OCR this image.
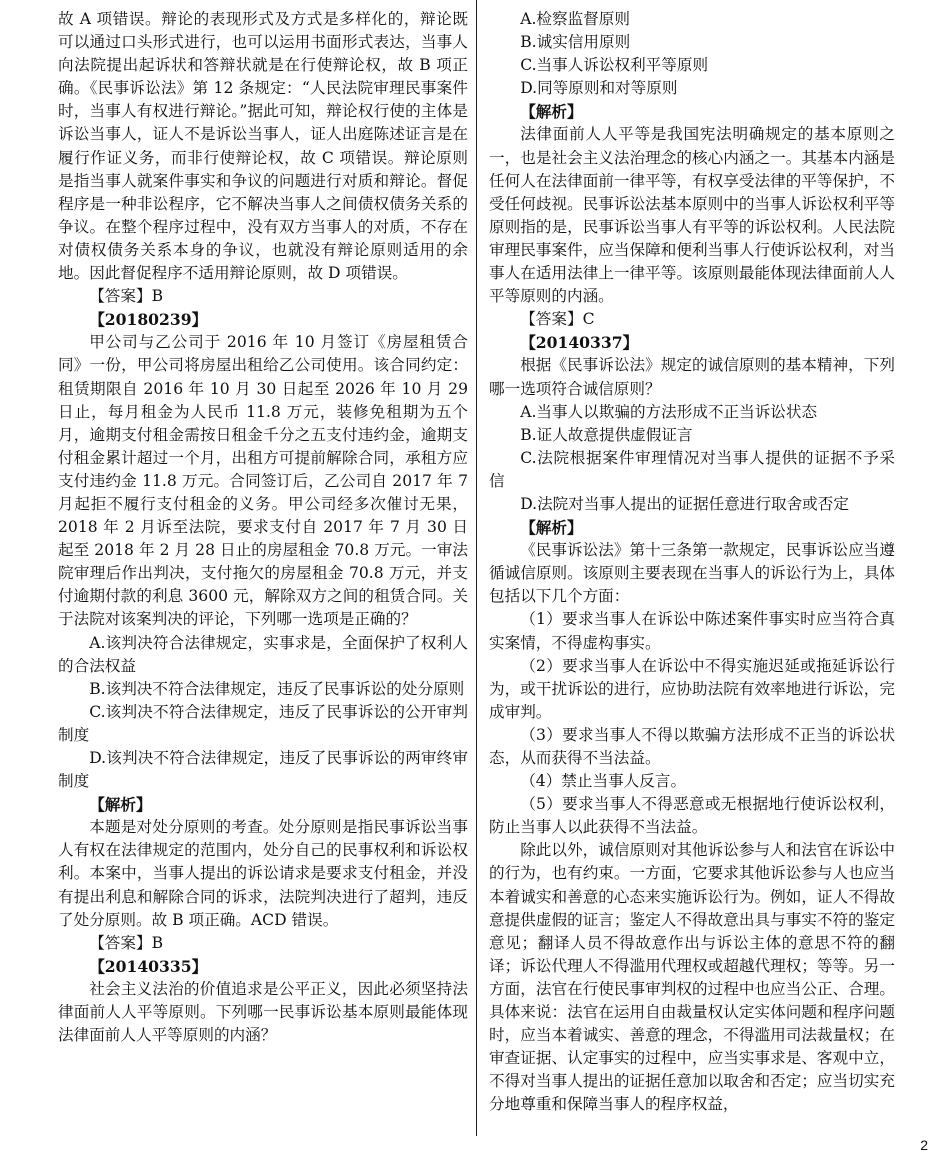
故 A 项错误。辩论的表现形式及方式是多样化的，辩论既可以通过口头形式进行，也可以运用书面形式表达，当事人向法院提出起诉状和答辩状就是在行使辩论权，故 B 项正确。《民事诉讼法》第 12 条规定：“人民法院审理民事案件时，当事人有权进行辩论。”据此可知，辩论权行使的主体是诉讼当事人，证人不是诉讼当事人，证人出庭陈述证言是在履行作证义务，而非行使辩论权，故 C 项错误。辩论原则是指当事人就案件事实和争议的问题进行对质和辩论。督促程序是一种非讼程序，它不解决当事人之间债权债务关系的争议。在整个程序过程中，没有双方当事人的对质，不存在对债权债务关系本身的争议，也就没有辩论原则适用的余地。因此督促程序不适用辩论原则，故 D 项错误。

【答案】B

【20180239】

甲公司与乙公司于 2016 年 10 月签订《房屋租赁合同》一份，甲公司将房屋出租给乙公司使用。该合同约定：租赁期限自 2016 年 10 月 30 日起至 2026 年 10 月 29 日止，每月租金为人民币 11.8 万元，装修免租期为五个月，逾期支付租金需按日租金千分之五支付违约金，逾期支付租金累计超过一个月，出租方可提前解除合同，承租方应支付违约金 11.8 万元。合同签订后，乙公司自 2017 年 7 月起拒不履行支付租金的义务。甲公司经多次催讨无果，2018 年 2 月诉至法院，要求支付自 2017 年 7 月 30 日起至 2018 年 2 月 28 日止的房屋租金 70.8 万元。一审法院审理后作出判决，支付拖欠的房屋租金 70.8 万元，并支付逾期付款的利息 3600 元，解除双方之间的租赁合同。关于法院对该案判决的评论，下列哪一选项是正确的？

A.该判决符合法律规定，实事求是，全面保护了权利人的合法权益

B.该判决不符合法律规定，违反了民事诉讼的处分原则

C.该判决不符合法律规定，违反了民事诉讼的公开审判制度

D.该判决不符合法律规定，违反了民事诉讼的两审终审制度

【解析】

本题是对处分原则的考查。处分原则是指民事诉讼当事人有权在法律规定的范围内，处分自己的民事权利和诉讼权利。本案中，当事人提出的诉讼请求是要求支付租金，并没有提出利息和解除合同的诉求，法院判决进行了超判，违反了处分原则。故 B 项正确。ACD 错误。

【答案】B

【20140335】

社会主义法治的价值追求是公平正义，因此必须坚持法律面前人人平等原则。下列哪一民事诉讼基本原则最能体现法律面前人人平等原则的内涵？

A.检察监督原则

B.诚实信用原则

C.当事人诉讼权利平等原则

D.同等原则和对等原则

【解析】

法律面前人人平等是我国宪法明确规定的基本原则之一，也是社会主义法治理念的核心内涵之一。其基本内涵是任何人在法律面前一律平等，有权享受法律的平等保护，不受任何歧视。民事诉讼法基本原则中的当事人诉讼权利平等原则指的是，民事诉讼当事人有平等的诉讼权利。人民法院审理民事案件，应当保障和便利当事人行使诉讼权利，对当事人在适用法律上一律平等。该原则最能体现法律面前人人平等原则的内涵。

【答案】C

【20140337】

根据《民事诉讼法》规定的诚信原则的基本精神，下列哪一选项符合诚信原则？

A.当事人以欺骗的方法形成不正当诉讼状态

B.证人故意提供虚假证言

C.法院根据案件审理情况对当事人提供的证据不予采信

D.法院对当事人提出的证据任意进行取舍或否定

【解析】

《民事诉讼法》第十三条第一款规定，民事诉讼应当遵循诚信原则。该原则主要表现在当事人的诉讼行为上，具体包括以下几个方面：

（1）要求当事人在诉讼中陈述案件事实时应当符合真实案情，不得虚构事实。

（2）要求当事人在诉讼中不得实施迟延或拖延诉讼行为，或干扰诉讼的进行，应协助法院有效率地进行诉讼，完成审判。

（3）要求当事人不得以欺骗方法形成不正当的诉讼状态，从而获得不当法益。

（4）禁止当事人反言。

（5）要求当事人不得恶意或无根据地行使诉讼权利，防止当事人以此获得不当法益。

除此以外，诚信原则对其他诉讼参与人和法官在诉讼中的行为，也有约束。一方面，它要求其他诉讼参与人也应当本着诚实和善意的心态来实施诉讼行为。例如，证人不得故意提供虚假的证言；鉴定人不得故意出具与事实不符的鉴定意见；翻译人员不得故意作出与诉讼主体的意思不符的翻译；诉讼代理人不得滥用代理权或超越代理权；等等。另一方面，法官在行使民事审判权的过程中也应当公正、合理。具体来说：法官在运用自由裁量权认定实体问题和程序问题时，应当本着诚实、善意的理念，不得滥用司法裁量权；在审查证据、认定事实的过程中，应当实事求是、客观中立，不得对当事人提出的证据任意加以取舍和否定；应当切实充分地尊重和保障当事人的程序权益，

2
